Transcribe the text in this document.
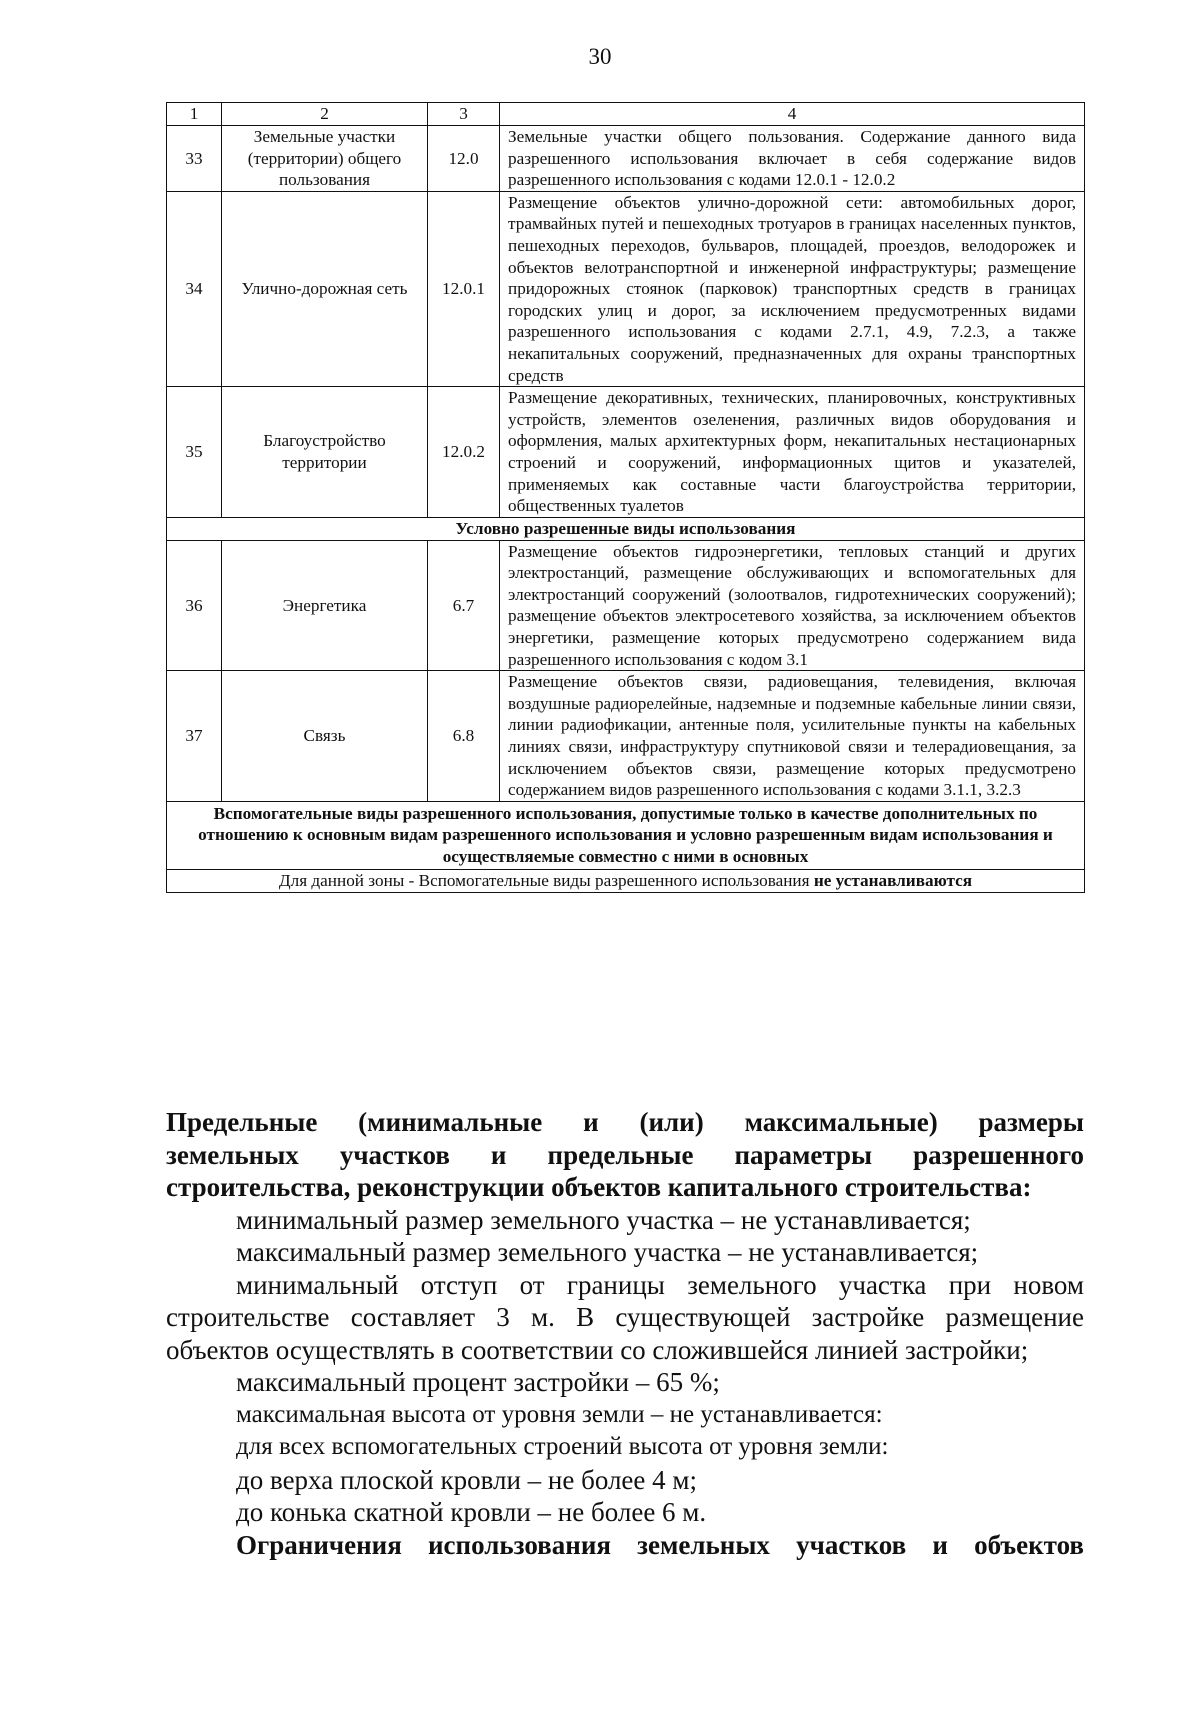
30
1	2	3	4
33	Земельные участки (территории) общего пользования	12.0	Земельные участки общего пользования. Содержание данного вида разрешенного использования включает в себя содержание видов разрешенного использования с кодами 12.0.1 - 12.0.2
34	Улично-дорожная сеть	12.0.1	Размещение объектов улично-дорожной сети: автомобильных дорог, трамвайных путей и пешеходных тротуаров в границах населенных пунктов, пешеходных переходов, бульваров, площадей, проездов, велодорожек и объектов велотранспортной и инженерной инфраструктуры; размещение придорожных стоянок (парковок) транспортных средств в границах городских улиц и дорог, за исключением предусмотренных видами разрешенного использования с кодами 2.7.1, 4.9, 7.2.3, а также некапитальных сооружений, предназначенных для охраны транспортных средств
35	Благоустройство территории	12.0.2	Размещение декоративных, технических, планировочных, конструктивных устройств, элементов озеленения, различных видов оборудования и оформления, малых архитектурных форм, некапитальных нестационарных строений и сооружений, информационных щитов и указателей, применяемых как составные части благоустройства территории, общественных туалетов
Условно разрешенные виды использования			
36	Энергетика	6.7	Размещение объектов гидроэнергетики, тепловых станций и других электростанций, размещение обслуживающих и вспомогательных для электростанций сооружений (золоотвалов, гидротехнических сооружений); размещение объектов электросетевого хозяйства, за исключением объектов энергетики, размещение которых предусмотрено содержанием вида разрешенного использования с кодом 3.1
37	Связь	6.8	Размещение объектов связи, радиовещания, телевидения, включая воздушные радиорелейные, надземные и подземные кабельные линии связи, линии радиофикации, антенные поля, усилительные пункты на кабельных линиях связи, инфраструктуру спутниковой связи и телерадиовещания, за исключением объектов связи, размещение которых предусмотрено содержанием видов разрешенного использования с кодами 3.1.1, 3.2.3
Вспомогательные виды разрешенного использования, допустимые только в качестве дополнительных по отношению к основным видам разрешенного использования и условно разрешенным видам использования и осуществляемые совместно с ними в основных			
Для данной зоны - Вспомогательные виды разрешенного использования не устанавливаются			
Предельные (минимальные и (или) максимальные) размеры
земельных участков и предельные параметры разрешенного
строительства, реконструкции объектов капитального строительства:

минимальный размер земельного участка – не устанавливается;

максимальный размер земельного участка – не устанавливается;

минимальный отступ от границы земельного участка при новом строительстве составляет 3 м. В существующей застройке размещение объектов осуществлять в соответствии со сложившейся линией застройки;

максимальный процент застройки – 65 %;

максимальная высота от уровня земли – не устанавливается:

для всех вспомогательных строений высота от уровня земли:

до верха плоской кровли – не более 4 м;

до конька скатной кровли – не более 6 м.

Ограничения использования земельных участков и объектов
